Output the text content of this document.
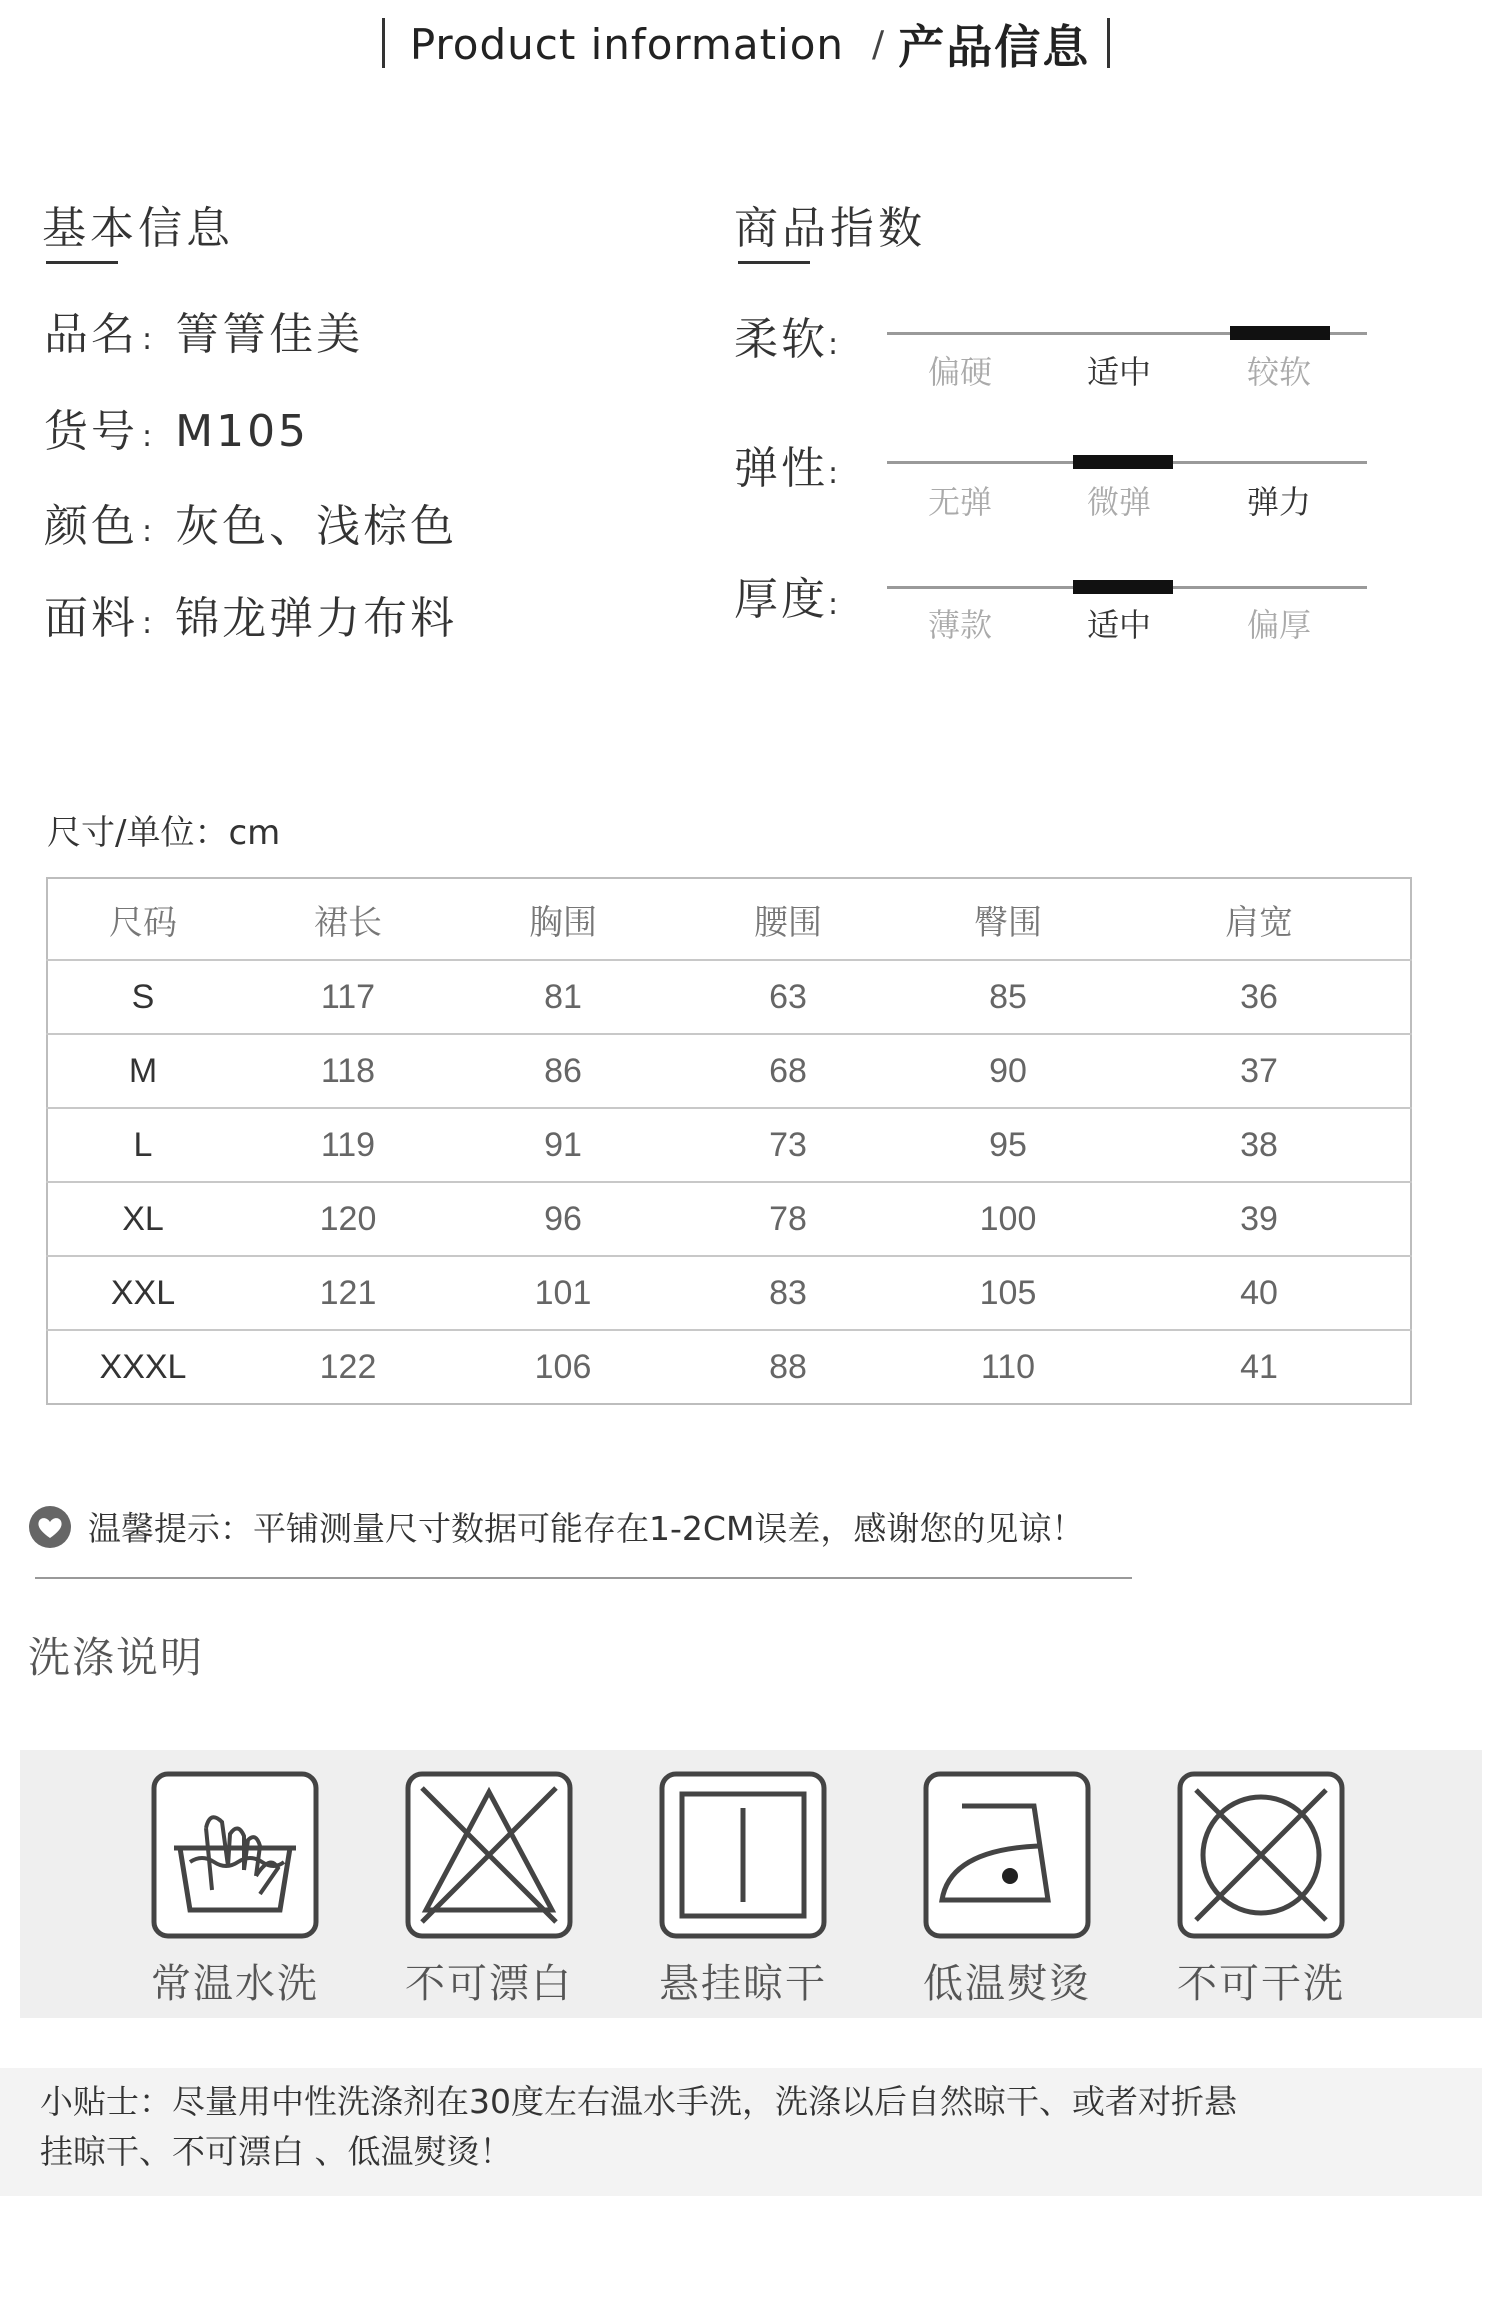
Product information / 产品信息
基本信息
品名 : 箐箐佳美
货号 : M105
颜色 : 灰色、浅棕色
面料 : 锦龙弹力布料
商品指数
柔软:
偏硬	适中	较软
弹性:
无弹	微弹	弹力
厚度:
薄款	适中	偏厚
尺寸/单位：cm
尺码	裙长	胸围	腰围	臀围	肩宽
S	117	81	63	85	36
M	118	86	68	90	37
L	119	91	73	95	38
XL	120	96	78	100	39
XXL	121	101	83	105	40
XXXL	122	106	88	110	41
温馨提示：平铺测量尺寸数据可能存在1-2CM误差，感谢您的见谅！
洗涤说明
常温水洗	不可漂白	悬挂晾干	低温熨烫	不可干洗
小贴士：尽量用中性洗涤剂在30度左右温水手洗，洗涤以后自然晾干、或者对折悬
挂晾干、不可漂白 、低温熨烫！
